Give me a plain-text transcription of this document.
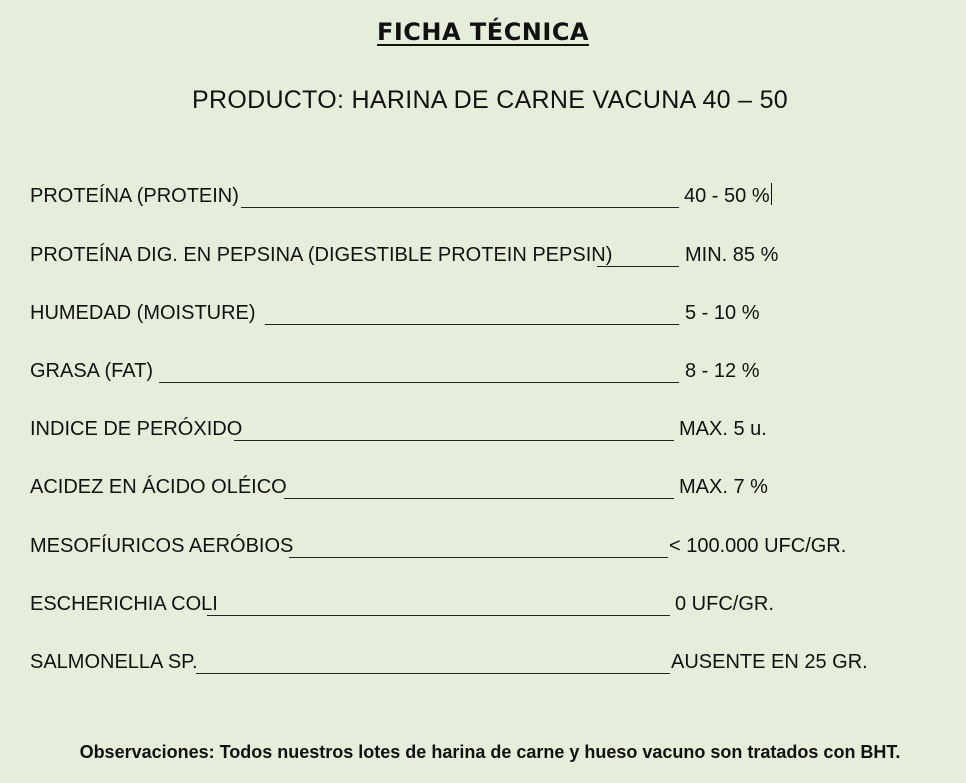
FICHA TÉCNICA
PRODUCTO: HARINA DE CARNE VACUNA 40 – 50
PROTEÍNA (PROTEIN)	40 - 50 %
PROTEÍNA DIG. EN PEPSINA (DIGESTIBLE PROTEIN PEPSIN)	MIN. 85 %
HUMEDAD (MOISTURE)	5 - 10 %
GRASA (FAT)	8 - 12 %
INDICE DE PERÓXIDO	MAX. 5 u.
ACIDEZ EN ÁCIDO OLÉICO	MAX. 7 %
MESOFÍURICOS AERÓBIOS	< 100.000 UFC/GR.
ESCHERICHIA COLI	0 UFC/GR.
SALMONELLA SP.	AUSENTE EN 25 GR.
Observaciones: Todos nuestros lotes de harina de carne y hueso vacuno son tratados con BHT.
